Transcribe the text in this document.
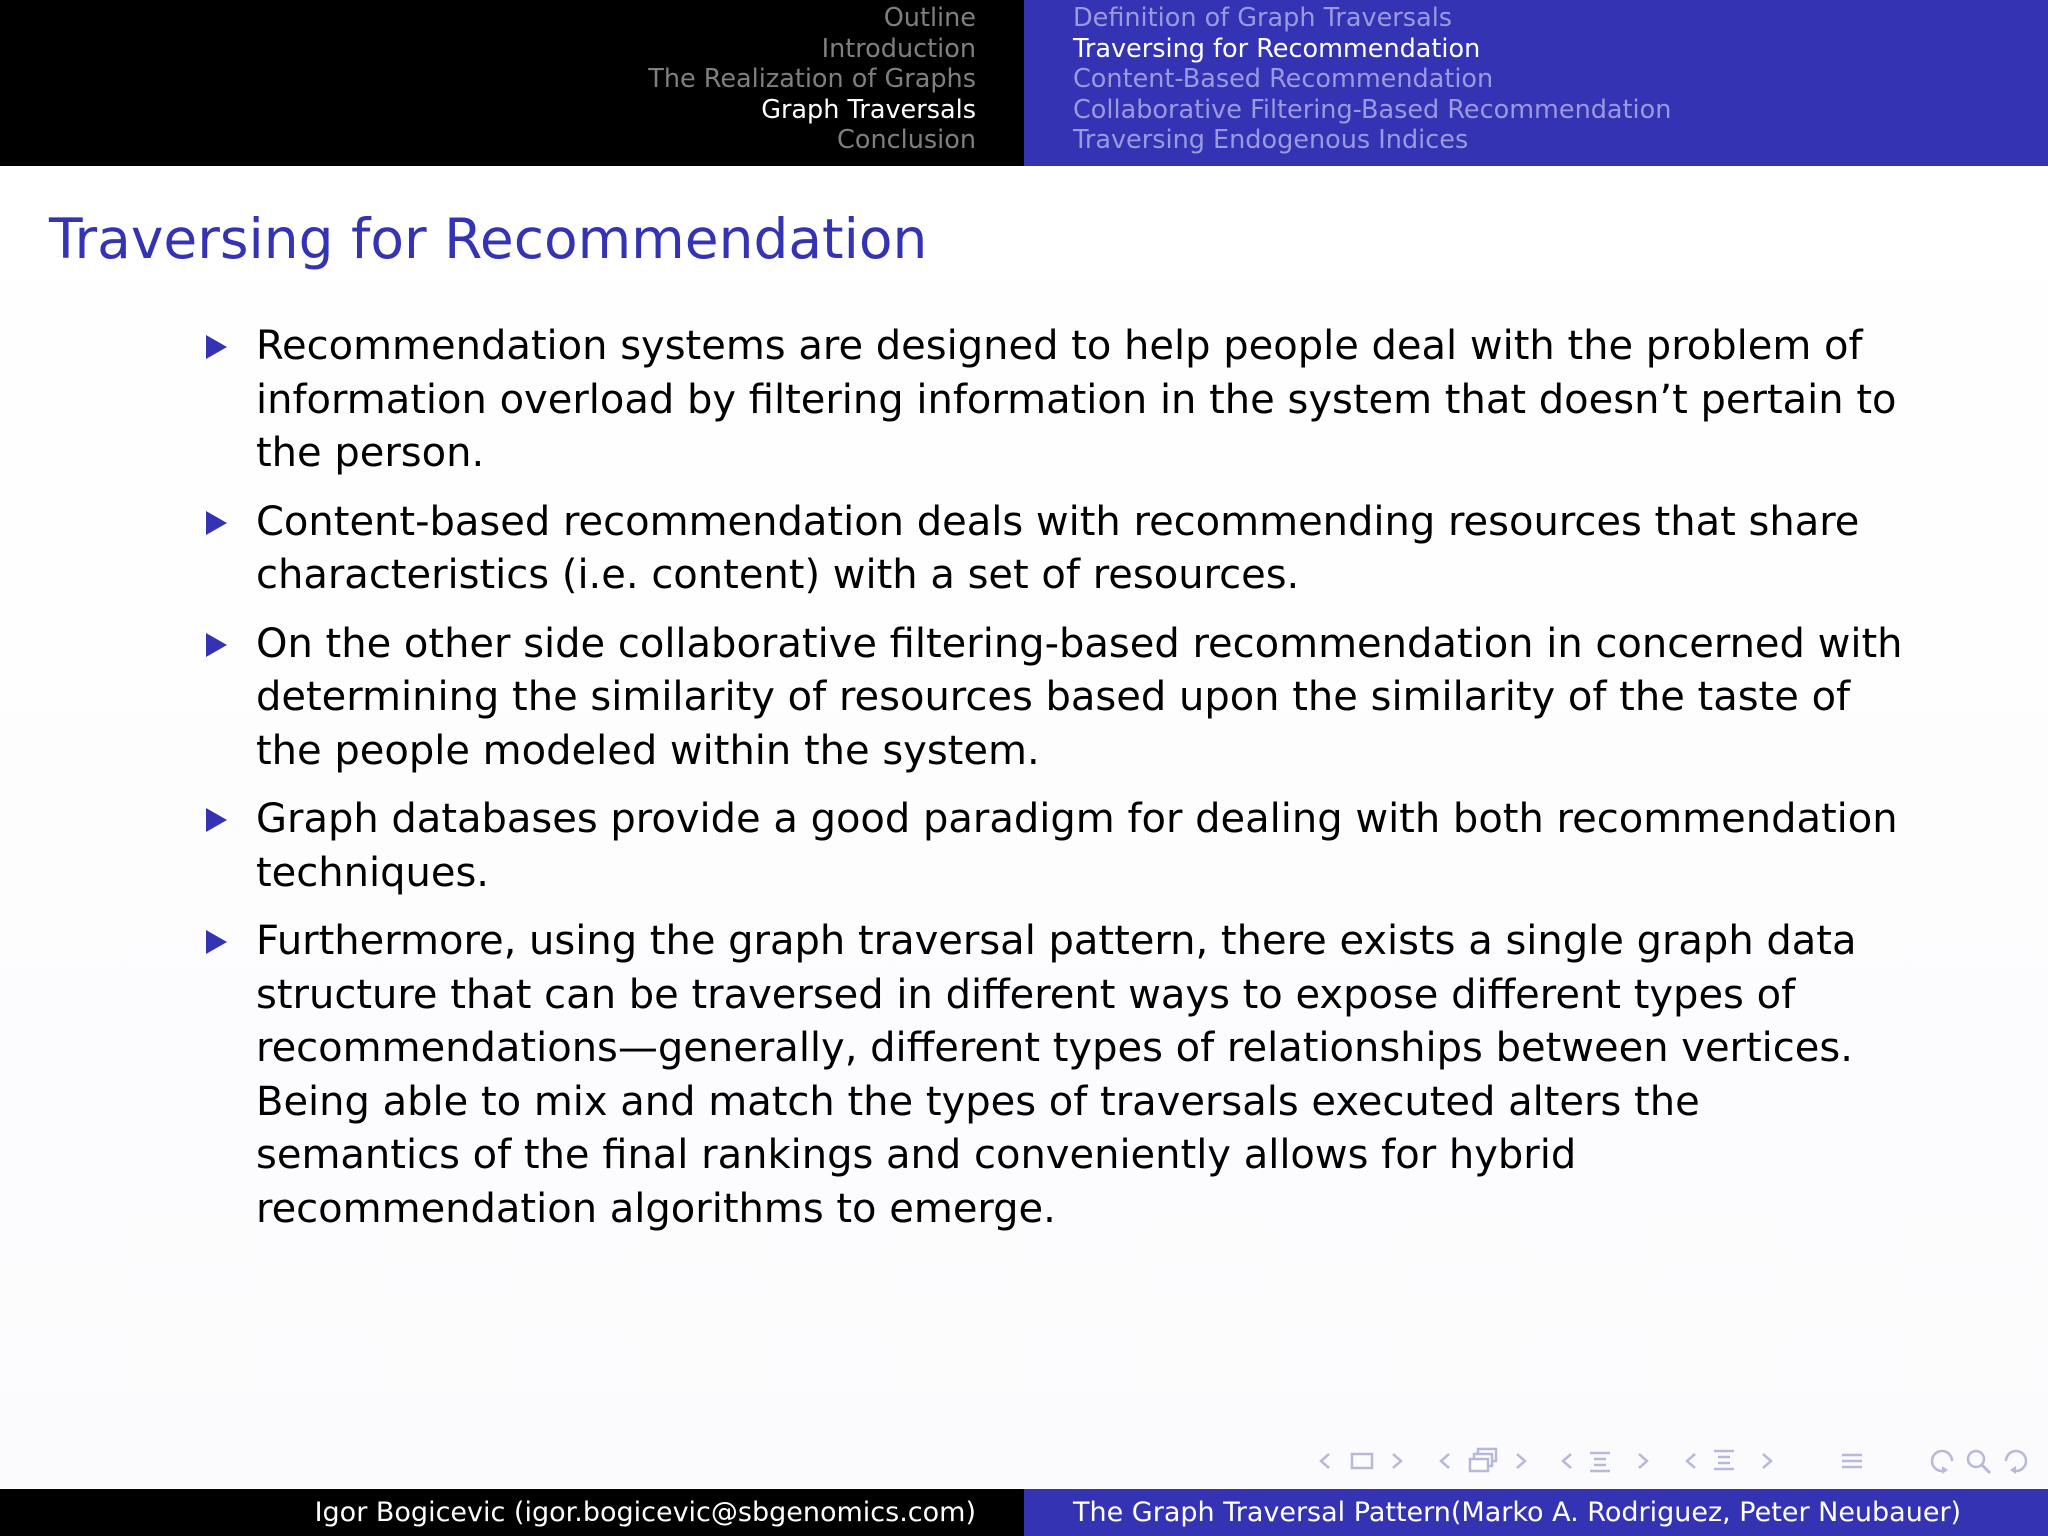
Outline
Introduction
The Realization of Graphs
Graph Traversals
Conclusion
Definition of Graph Traversals
Traversing for Recommendation
Content-Based Recommendation
Collaborative Filtering-Based Recommendation
Traversing Endogenous Indices
Traversing for Recommendation
Recommendation systems are designed to help people deal with the problem of information overload by filtering information in the system that doesn’t pertain to the person.
Content-based recommendation deals with recommending resources that share characteristics (i.e. content) with a set of resources.
On the other side collaborative filtering-based recommendation in concerned with determining the similarity of resources based upon the similarity of the taste of the people modeled within the system.
Graph databases provide a good paradigm for dealing with both recommendation techniques.
Furthermore, using the graph traversal pattern, there exists a single graph data structure that can be traversed in different ways to expose different types of recommendations—generally, different types of relationships between vertices. Being able to mix and match the types of traversals executed alters the semantics of the final rankings and conveniently allows for hybrid recommendation algorithms to emerge.
Igor Bogicevic (igor.bogicevic@sbgenomics.com)	The Graph Traversal Pattern(Marko A. Rodriguez, Peter Neubauer)
